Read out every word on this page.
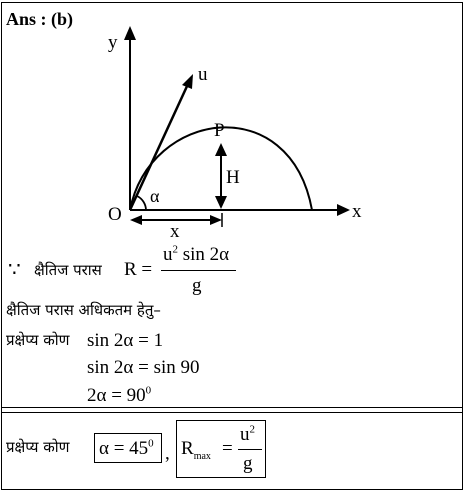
Ans : (b)
y
x
u
P
H
O
α
x
∵ क्षैतिज परास R =
$u^2$ sin 2α
g
क्षैतिज परास अधिकतम हेतु–
प्रक्षेप्य कोण sin 2α = 1
sin 2α = sin 90
$2\alpha = 90^0$
प्रक्षेप्य कोण $\alpha = 45^0$ , $R_{max}$ =
$u^2$
g
